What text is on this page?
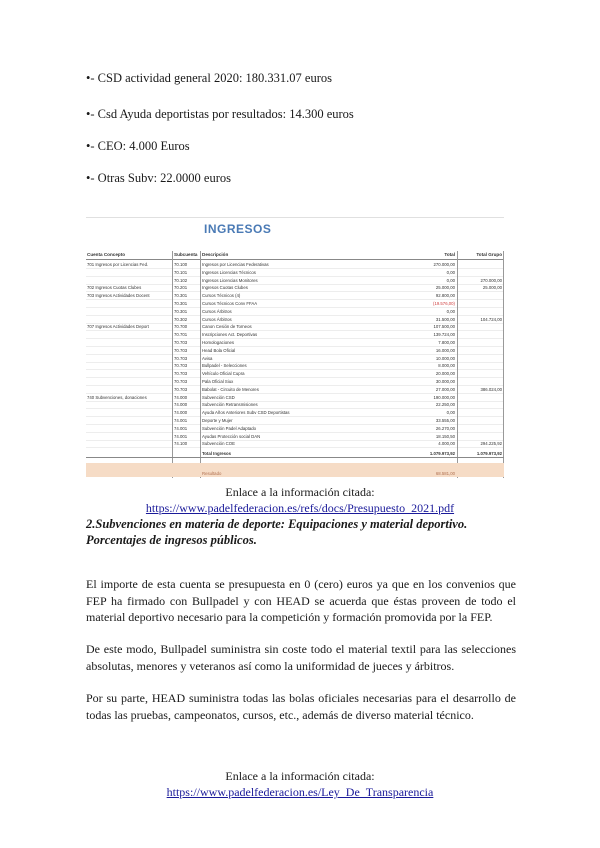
•- CSD actividad general 2020: 180.331.07 euros
•- Csd Ayuda deportistas por resultados: 14.300 euros
•- CEO: 4.000 Euros
•- Otras Subv: 22.0000 euros
INGRESOS
Cuenta Concepto	Subcuenta Descripción	Total	Total Grupo
701 Ingresos por Licencias Fed.	70.100	Ingresos por Licencias Federativas	270.000,00
70.101	Ingresos Licencias Técnicos	0,00
70.102	Ingresos Licencias Monitores	0,00	270.000,00
702 Ingresos Cuotas Clubes	70.201	Ingresos Cuotas Clubes	25.000,00	25.000,00
703 Ingresos Actividades Docent	70.301	Cursos Técnicos (4)	92.800,00
70.301	Cursos Técnicos Conv FFAA	(19.576,00)
70.301	Cursos Árbitros	0,00
70.302	Cursos Árbitros	31.500,00	104.724,00
707 Ingresos Actividades Deport	70.700	Canon Cesión de Torneos	107.500,00
70.701	Inscripciones Act. Deportivas	139.724,00
70.703	Homologaciones	7.800,00
70.703	Head Bola Oficial	16.000,00
70.703	Avisa	10.000,00
70.703	Bullpadel - Selecciones	8.000,00
70.703	Vehículo Oficial Cupra	20.000,00
70.703	Pala Oficial Siux	30.000,00
70.703	Babolat - Circuito de Menores	27.000,00	386.024,00
740 Subvenciones, donaciones	74.000	Subvención CSD	190.000,00
74.000	Subvención Retransmisiones	22.250,00
74.000	Ayuda Años Anteriores Subv CSD Deportistas	0,00
74.001	Deporte y Mujer	33.555,00
74.001	Subvención Padel Adaptado	26.270,00
74.001	Ayudas Protección social DAN	18.150,50
74.100	Subvención COE	4.000,00	294.225,92
Total Ingresos	1.079.973,92	1.079.973,92
Resultado	68.581,00
Enlace a la información citada:
https://www.padelfederacion.es/refs/docs/Presupuesto_2021.pdf
2.Subvenciones en materia de deporte: Equipaciones y material deportivo.
Porcentajes de ingresos públicos.
El importe de esta cuenta se presupuesta en 0 (cero) euros ya que en los convenios que FEP ha firmado con Bullpadel y con HEAD se acuerda que éstas proveen de todo el material deportivo necesario para la competición y formación promovida por la FEP.
De este modo, Bullpadel suministra sin coste todo el material textil para las selecciones absolutas, menores y veteranos así como la uniformidad de jueces y árbitros.
Por su parte, HEAD suministra todas las bolas oficiales necesarias para el desarrollo de todas las pruebas, campeonatos, cursos, etc., además de diverso material técnico.
Enlace a la información citada:
https://www.padelfederacion.es/Ley_De_Transparencia
